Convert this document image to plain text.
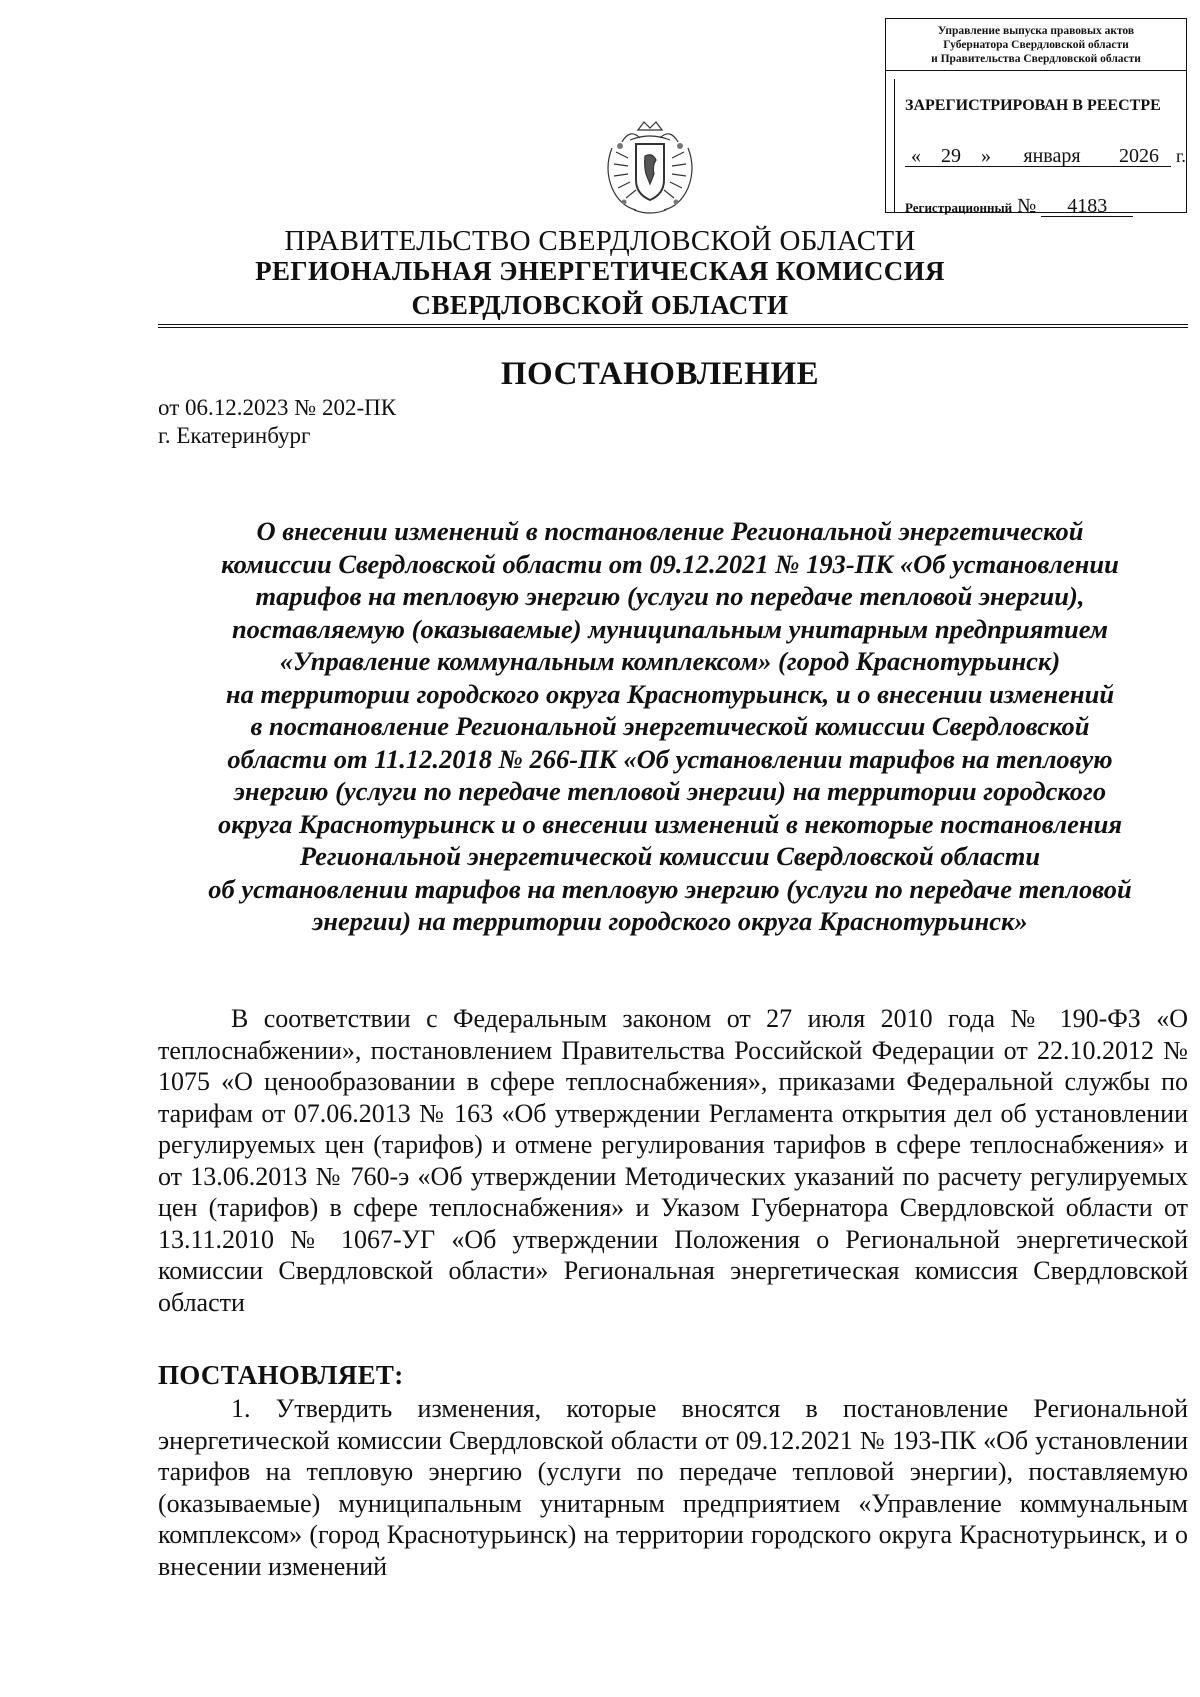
Управление выпуска правовых актов
Губернатора Свердловской области
и Правительства Свердловской области
ЗАРЕГИСТРИРОВАН В РЕЕСТРЕ
« 29 » января 2026 г.
Регистрационный № 4183
ПРАВИТЕЛЬСТВО СВЕРДЛОВСКОЙ ОБЛАСТИ
РЕГИОНАЛЬНАЯ ЭНЕРГЕТИЧЕСКАЯ КОМИССИЯ
СВЕРДЛОВСКОЙ ОБЛАСТИ
ПОСТАНОВЛЕНИЕ
от 06.12.2023 № 202-ПК
г. Екатеринбург
О внесении изменений в постановление Региональной энергетической
комиссии Свердловской области от 09.12.2021 № 193-ПК «Об установлении
тарифов на тепловую энергию (услуги по передаче тепловой энергии),
поставляемую (оказываемые) муниципальным унитарным предприятием
«Управление коммунальным комплексом» (город Краснотурьинск)
на территории городского округа Краснотурьинск, и о внесении изменений
в постановление Региональной энергетической комиссии Свердловской
области от 11.12.2018 № 266-ПК «Об установлении тарифов на тепловую
энергию (услуги по передаче тепловой энергии) на территории городского
округа Краснотурьинск и о внесении изменений в некоторые постановления
Региональной энергетической комиссии Свердловской области
об установлении тарифов на тепловую энергию (услуги по передаче тепловой
энергии) на территории городского округа Краснотурьинск»
В соответствии с Федеральным законом от 27 июля 2010 года № 190-ФЗ «О теплоснабжении», постановлением Правительства Российской Федерации от 22.10.2012 № 1075 «О ценообразовании в сфере теплоснабжения», приказами Федеральной службы по тарифам от 07.06.2013 № 163 «Об утверждении Регламента открытия дел об установлении регулируемых цен (тарифов) и отмене регулирования тарифов в сфере теплоснабжения» и от 13.06.2013 № 760-э «Об утверждении Методических указаний по расчету регулируемых цен (тарифов) в сфере теплоснабжения» и Указом Губернатора Свердловской области от 13.11.2010 № 1067-УГ «Об утверждении Положения о Региональной энергетической комиссии Свердловской области» Региональная энергетическая комиссия Свердловской области
ПОСТАНОВЛЯЕТ:
1. Утвердить изменения, которые вносятся в постановление Региональной энергетической комиссии Свердловской области от 09.12.2021 № 193-ПК «Об установлении тарифов на тепловую энергию (услуги по передаче тепловой энергии), поставляемую (оказываемые) муниципальным унитарным предприятием «Управление коммунальным комплексом» (город Краснотурьинск) на территории городского округа Краснотурьинск, и о внесении изменений
